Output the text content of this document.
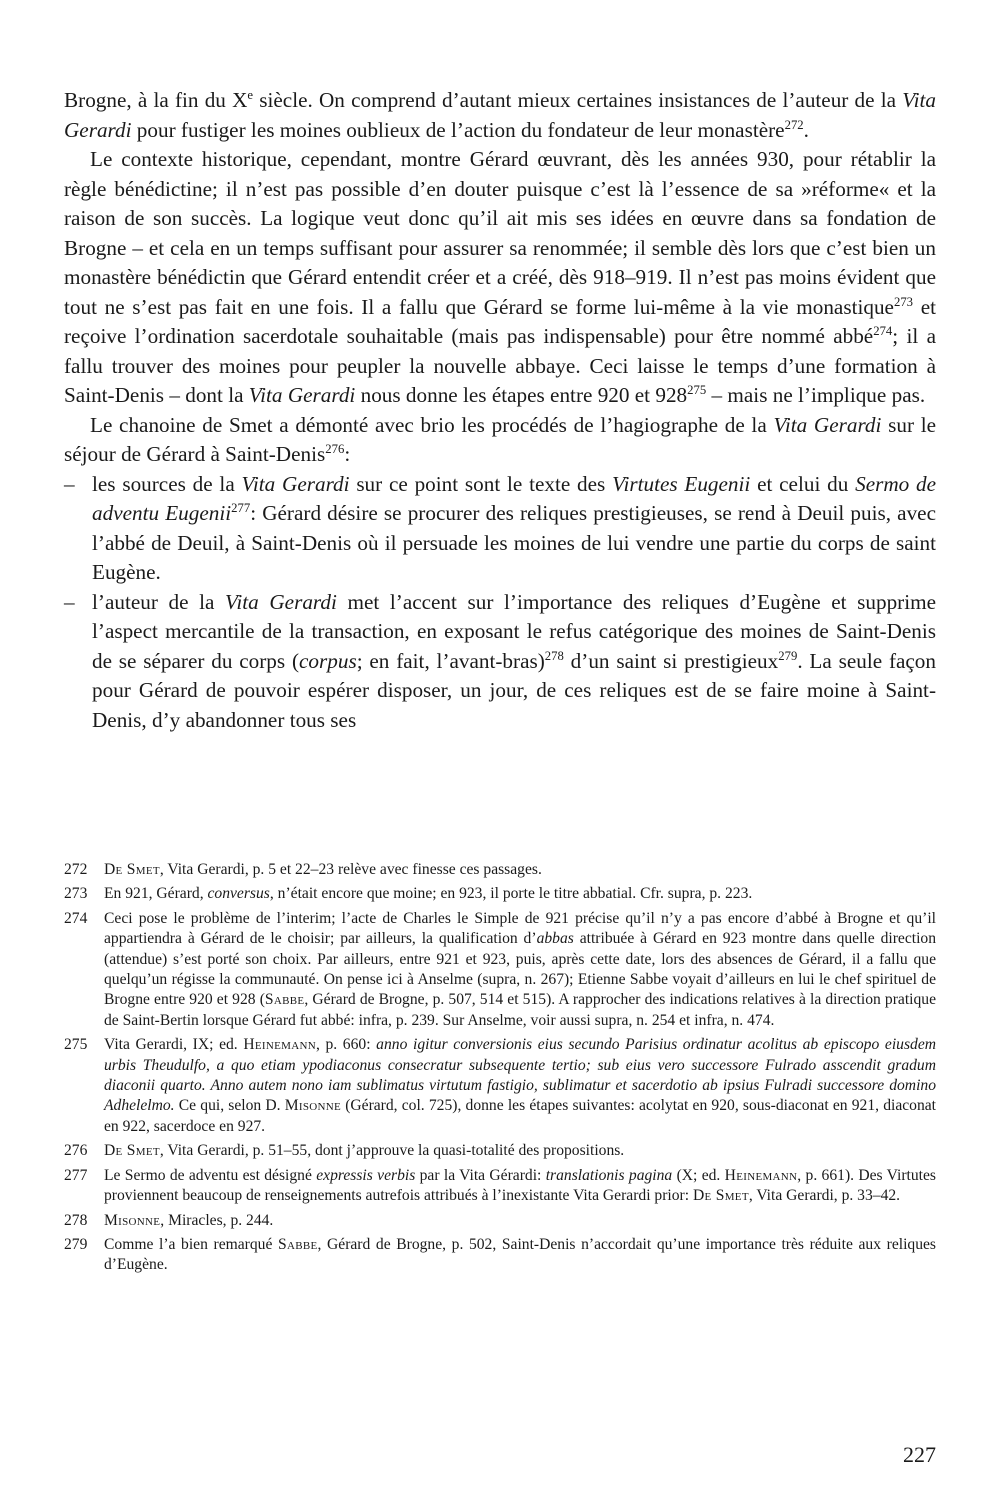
Brogne, à la fin du Xe siècle. On comprend d’autant mieux certaines insistances de l’auteur de la Vita Gerardi pour fustiger les moines oublieux de l’action du fondateur de leur monastère$^{272}$.

Le contexte historique, cependant, montre Gérard œuvrant, dès les années 930, pour rétablir la règle bénédictine; il n’est pas possible d’en douter puisque c’est là l’essence de sa »réforme« et la raison de son succès. La logique veut donc qu’il ait mis ses idées en œuvre dans sa fondation de Brogne – et cela en un temps suffisant pour assurer sa renommée; il semble dès lors que c’est bien un monastère bénédictin que Gérard entendit créer et a créé, dès 918–919. Il n’est pas moins évident que tout ne s’est pas fait en une fois. Il a fallu que Gérard se forme lui-même à la vie monastique$^{273}$ et reçoive l’ordination sacerdotale souhaitable (mais pas indispensable) pour être nommé abbé$^{274}$; il a fallu trouver des moines pour peupler la nouvelle abbaye. Ceci laisse le temps d’une formation à Saint-Denis – dont la Vita Gerardi nous donne les étapes entre 920 et $928^{275}$ – mais ne l’implique pas.

Le chanoine de Smet a démonté avec brio les procédés de l’hagiographe de la Vita Gerardi sur le séjour de Gérard à Saint-Denis$^{276}$:

– les sources de la Vita Gerardi sur ce point sont le texte des Virtutes Eugenii et celui du Sermo de adventu Eugenii$^{277}$: Gérard désire se procurer des reliques prestigieuses, se rend à Deuil puis, avec l’abbé de Deuil, à Saint-Denis où il persuade les moines de lui vendre une partie du corps de saint Eugène.

– l’auteur de la Vita Gerardi met l’accent sur l’importance des reliques d’Eugène et supprime l’aspect mercantile de la transaction, en exposant le refus catégorique des moines de Saint-Denis de se séparer du corps (corpus; en fait, l’avant-bras)$^{278}$ d’un saint si prestigieux$^{279}$. La seule façon pour Gérard de pouvoir espérer disposer, un jour, de ces reliques est de se faire moine à Saint-Denis, d’y abandonner tous ses

272 De Smet, Vita Gerardi, p. 5 et 22–23 relève avec finesse ces passages.
273 En 921, Gérard, conversus, n’était encore que moine; en 923, il porte le titre abbatial. Cfr. supra, p. 223.
274 Ceci pose le problème de l’interim; l’acte de Charles le Simple de 921 précise qu’il n’y a pas encore d’abbé à Brogne et qu’il appartiendra à Gérard de le choisir; par ailleurs, la qualification d’abbas attribuée à Gérard en 923 montre dans quelle direction (attendue) s’est porté son choix. Par ailleurs, entre 921 et 923, puis, après cette date, lors des absences de Gérard, il a fallu que quelqu’un régisse la communauté. On pense ici à Anselme (supra, n. 267); Etienne Sabbe voyait d’ailleurs en lui le chef spirituel de Brogne entre 920 et 928 (Sabbe, Gérard de Brogne, p. 507, 514 et 515). A rapprocher des indications relatives à la direction pratique de Saint-Bertin lorsque Gérard fut abbé: infra, p. 239. Sur Anselme, voir aussi supra, n. 254 et infra, n. 474.
275 Vita Gerardi, IX; ed. Heinemann, p. 660: anno igitur conversionis eius secundo Parisius ordinatur acolitus ab episcopo eiusdem urbis Theudulfo, a quo etiam ypodiaconus consecratur subsequente tertio; sub eius vero successore Fulrado asscendit gradum diaconii quarto. Anno autem nono iam sublimatus virtutum fastigio, sublimatur et sacerdotio ab ipsius Fulradi successore domino Adhelelmo. Ce qui, selon D. Misonne (Gérard, col. 725), donne les étapes suivantes: acolytat en 920, sous-diaconat en 921, diaconat en 922, sacerdoce en 927.
276 De Smet, Vita Gerardi, p. 51–55, dont j’approuve la quasi-totalité des propositions.
277 Le Sermo de adventu est désigné expressis verbis par la Vita Gérardi: translationis pagina (X; ed. Heinemann, p. 661). Des Virtutes proviennent beaucoup de renseignements autrefois attribués à l’inexistante Vita Gerardi prior: De Smet, Vita Gerardi, p. 33–42.
278 Misonne, Miracles, p. 244.
279 Comme l’a bien remarqué Sabbe, Gérard de Brogne, p. 502, Saint-Denis n’accordait qu’une importance très réduite aux reliques d’Eugène.
227
